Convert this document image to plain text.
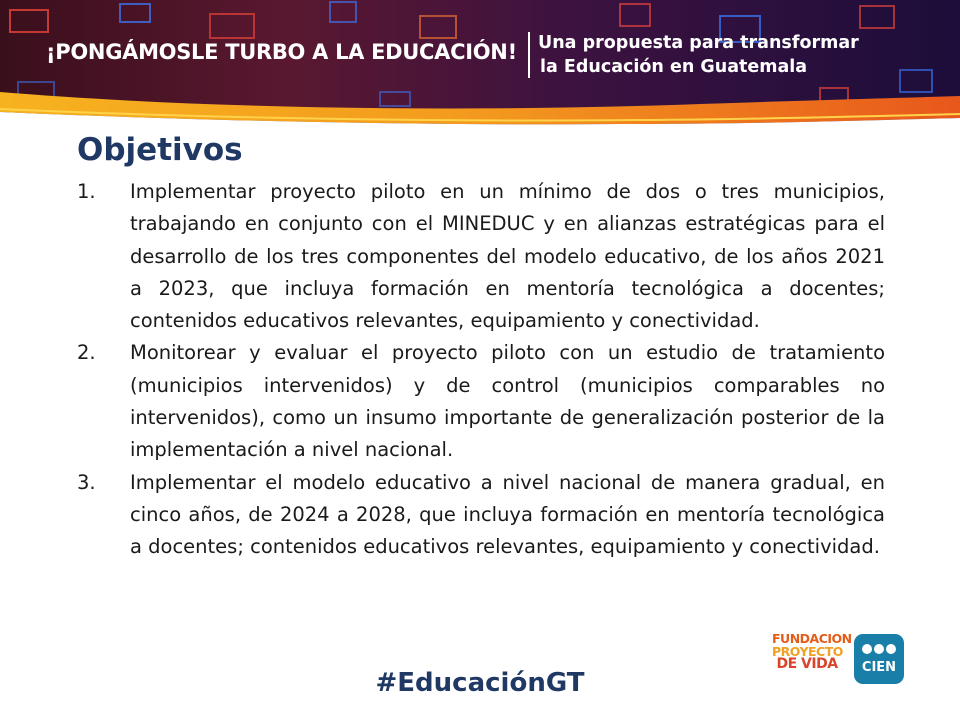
¡PONGÁMOSLE TURBO A LA EDUCACIÓN! Una propuesta para transformar
la Educación en Guatemala
Objetivos
1. Implementar proyecto piloto en un mínimo de dos o tres municipios, trabajando en conjunto con el MINEDUC y en alianzas estratégicas para el desarrollo de los tres componentes del modelo educativo, de los años 2021 a 2023, que incluya formación en mentoría tecnológica a docentes; contenidos educativos relevantes, equipamiento y conectividad.
2. Monitorear y evaluar el proyecto piloto con un estudio de tratamiento (municipios intervenidos) y de control (municipios comparables no intervenidos), como un insumo importante de generalización posterior de la implementación a nivel nacional.
3. Implementar el modelo educativo a nivel nacional de manera gradual, en cinco años, de 2024 a 2028, que incluya formación en mentoría tecnológica a docentes; contenidos educativos relevantes, equipamiento y conectividad.
#EducaciónGT
FUNDACION
PROYECTO
DE VIDA	CIEN
